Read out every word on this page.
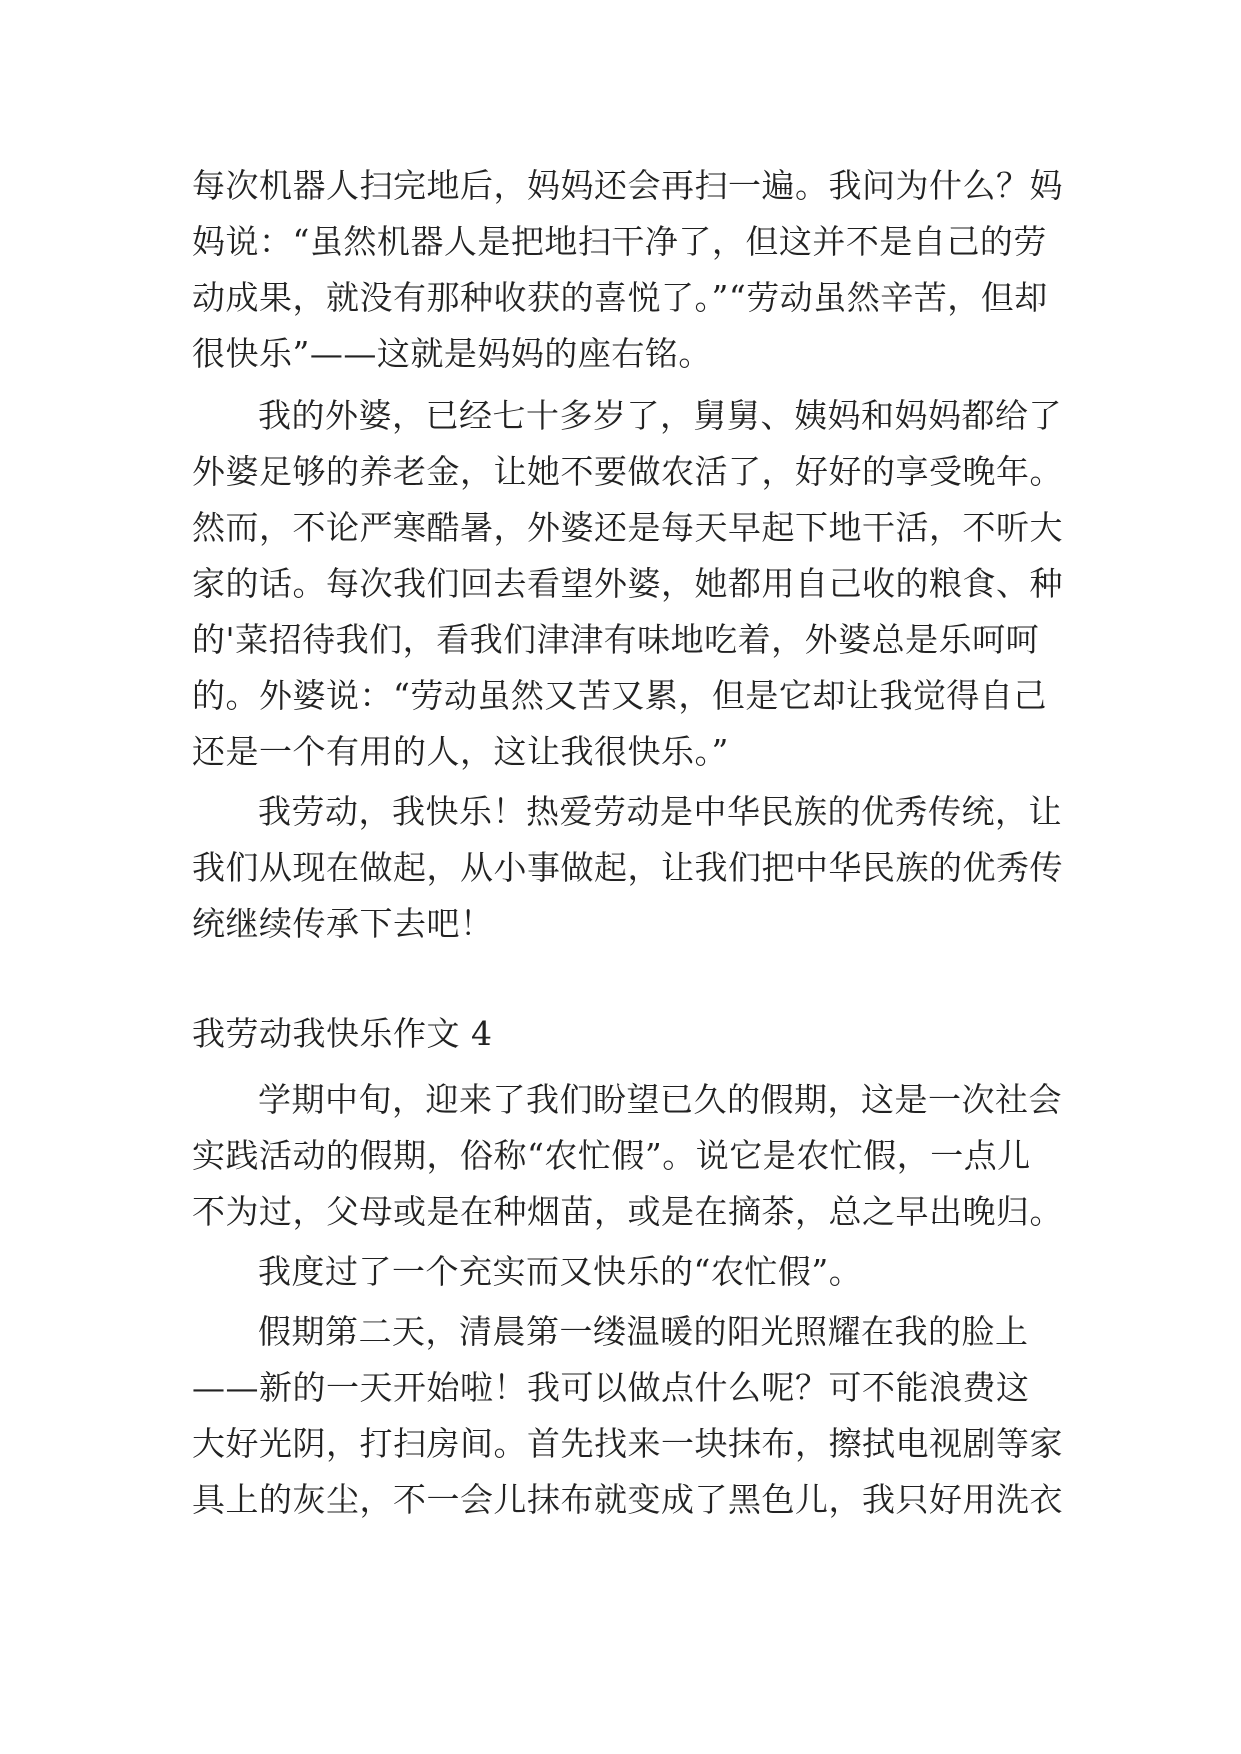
每次机器人扫完地后，妈妈还会再扫一遍。我问为什么？妈
妈说：“虽然机器人是把地扫干净了，但这并不是自己的劳
动成果，就没有那种收获的喜悦了。”“劳动虽然辛苦，但却
很快乐”——这就是妈妈的座右铭。
我的外婆，已经七十多岁了，舅舅、姨妈和妈妈都给了
外婆足够的养老金，让她不要做农活了，好好的享受晚年。
然而，不论严寒酷暑，外婆还是每天早起下地干活，不听大
家的话。每次我们回去看望外婆，她都用自己收的粮食、种
的'菜招待我们，看我们津津有味地吃着，外婆总是乐呵呵
的。外婆说：“劳动虽然又苦又累，但是它却让我觉得自己
还是一个有用的人，这让我很快乐。”
我劳动，我快乐！热爱劳动是中华民族的优秀传统，让
我们从现在做起，从小事做起，让我们把中华民族的优秀传
统继续传承下去吧！
我劳动我快乐作文 4
学期中旬，迎来了我们盼望已久的假期，这是一次社会
实践活动的假期，俗称“农忙假”。说它是农忙假，一点儿
不为过，父母或是在种烟苗，或是在摘茶，总之早出晚归。
我度过了一个充实而又快乐的“农忙假”。
假期第二天，清晨第一缕温暖的阳光照耀在我的脸上
——新的一天开始啦！我可以做点什么呢？可不能浪费这
大好光阴，打扫房间。首先找来一块抹布，擦拭电视剧等家
具上的灰尘，不一会儿抹布就变成了黑色儿，我只好用洗衣
